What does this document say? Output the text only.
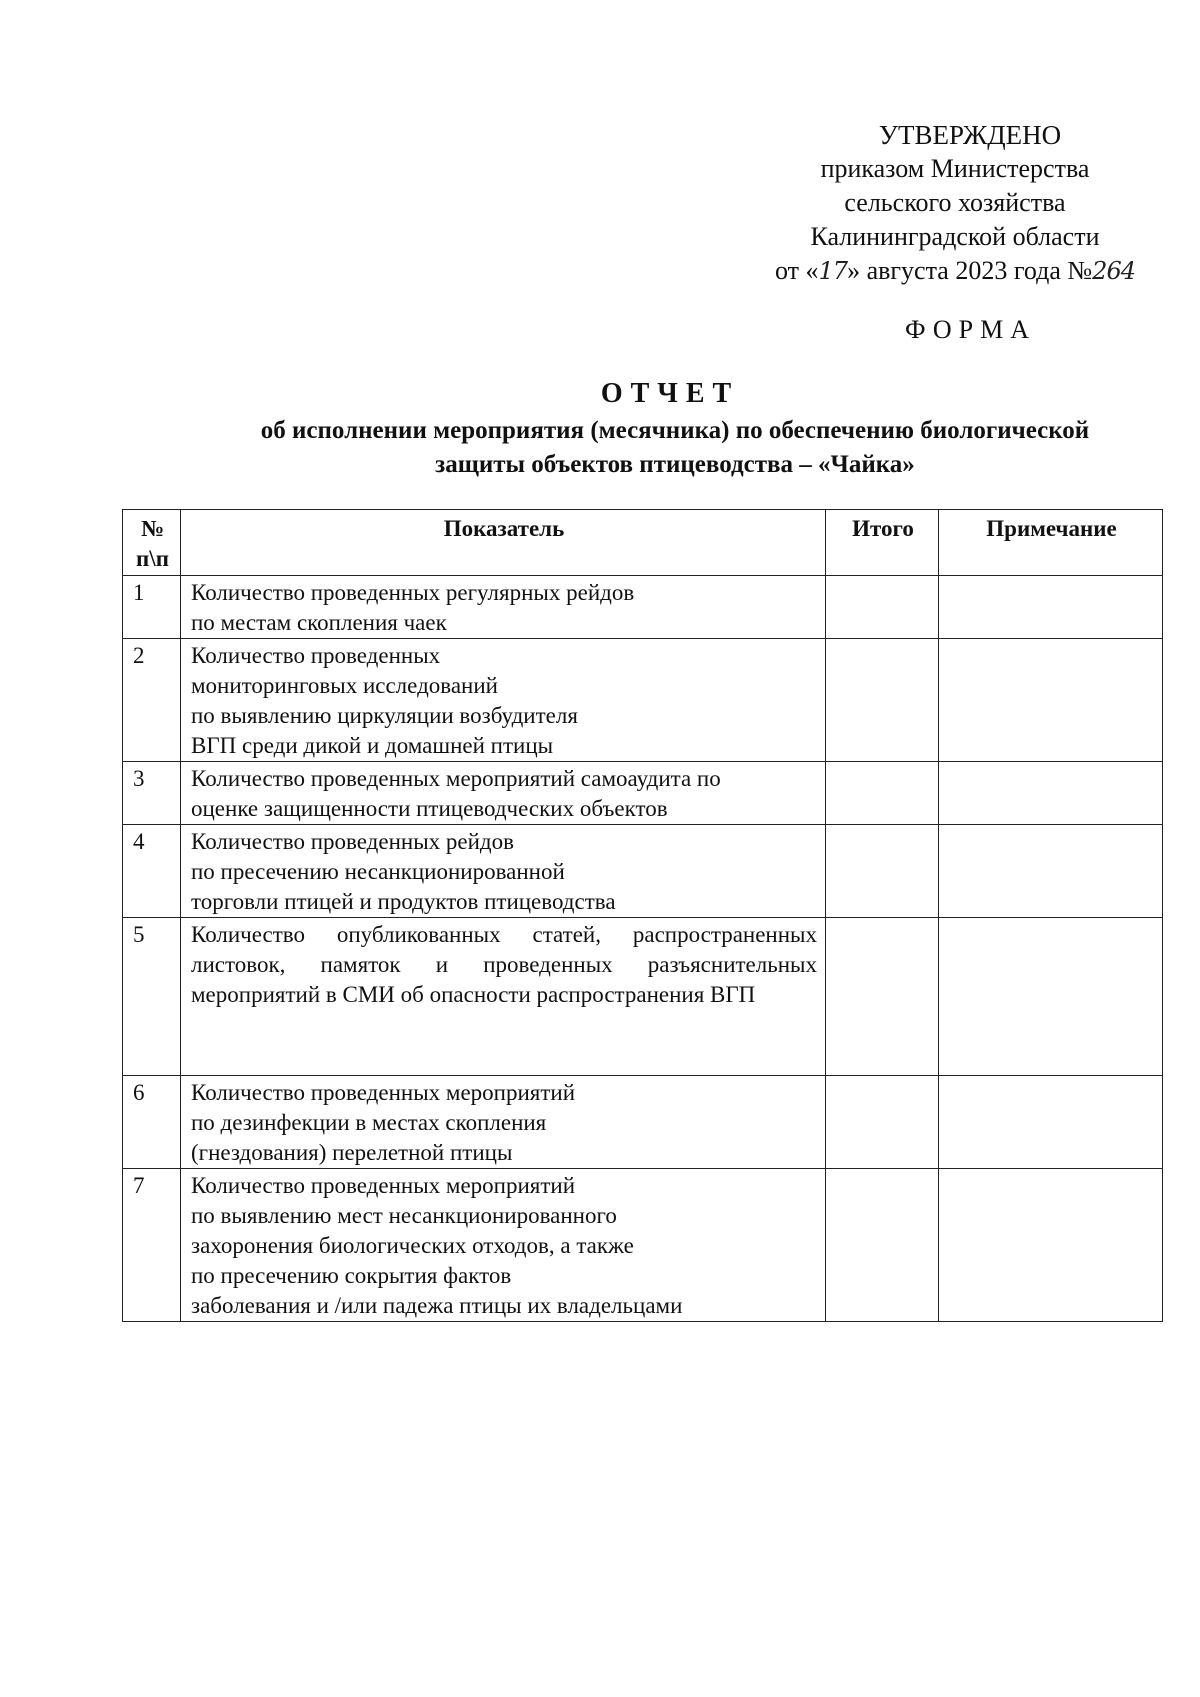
УТВЕРЖДЕНО
приказом Министерства
сельского хозяйства
Калининградской области
от «17» августа 2023 года №264
ФОРМА
ОТЧЕТ
об исполнении мероприятия (месячника) по обеспечению биологической
защиты объектов птицеводства – «Чайка»
№
п\п	Показатель	Итого	Примечание
1	Количество проведенных регулярных рейдов
по местам скопления чаек		
2	Количество проведенных
мониторинговых исследований
по выявлению циркуляции возбудителя
ВГП среди дикой и домашней птицы		
3	Количество проведенных мероприятий самоаудита по
оценке защищенности птицеводческих объектов		
4	Количество проведенных рейдов
по пресечению несанкционированной
торговли птицей и продуктов птицеводства		
5	Количество опубликованных статей, распространенных листовок, памяток и проведенных разъяснительных мероприятий в СМИ об опасности распространения ВГП		
6	Количество проведенных мероприятий
по дезинфекции в местах скопления
(гнездования) перелетной птицы		
7	Количество проведенных мероприятий
по выявлению мест несанкционированного
захоронения биологических отходов, а также
по пресечению сокрытия фактов
заболевания и /или падежа птицы их владельцами		
